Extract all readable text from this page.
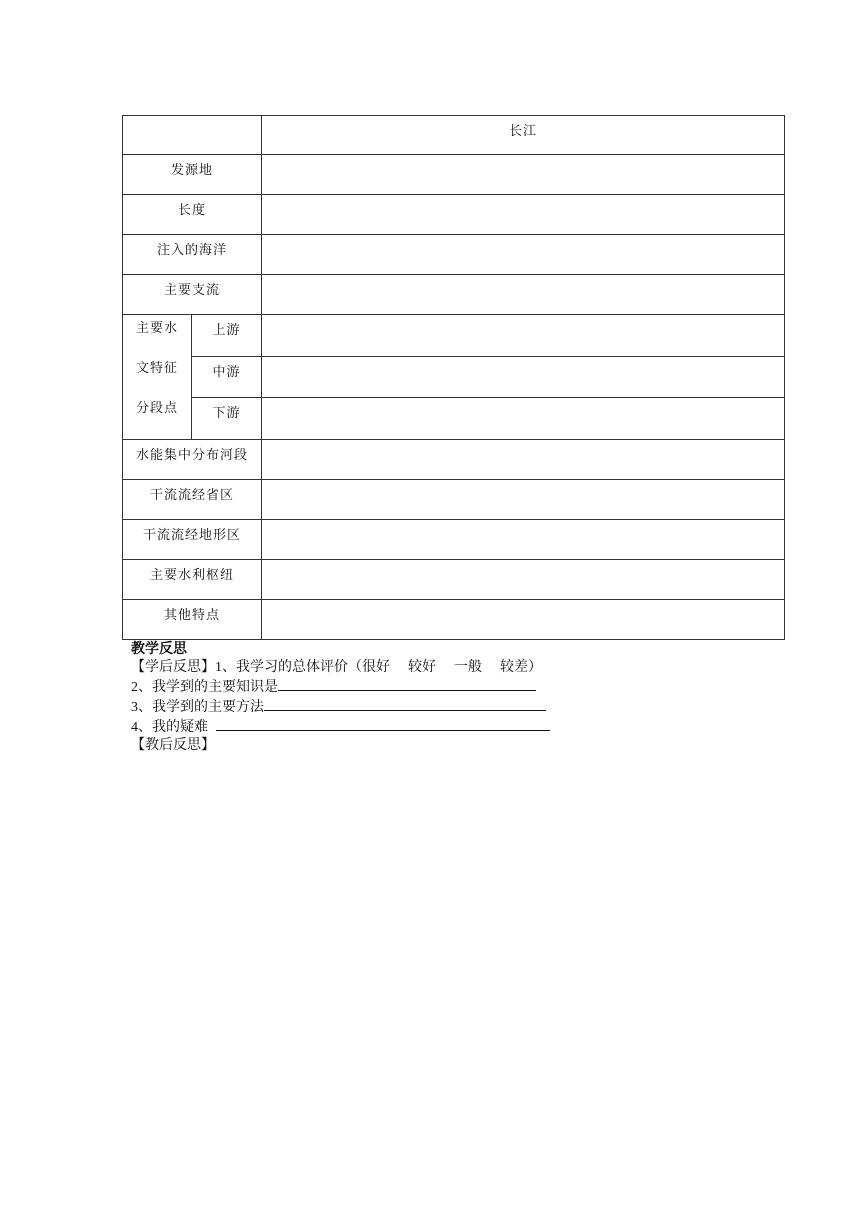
		长江
发源地		
长度		
注入的海洋		
主要支流		

主要水
文特征
分段点	上游	
	中游	
	下游	
水能集中分布河段		
干流流经省区		
干流流经地形区		
主要水利枢纽		
其他特点		
教学反思
【学后反思】1、我学习的总体评价（很好 较好 一般 较差）
2、我学到的主要知识是
3、我学到的主要方法
4、我的疑难
【教后反思】
